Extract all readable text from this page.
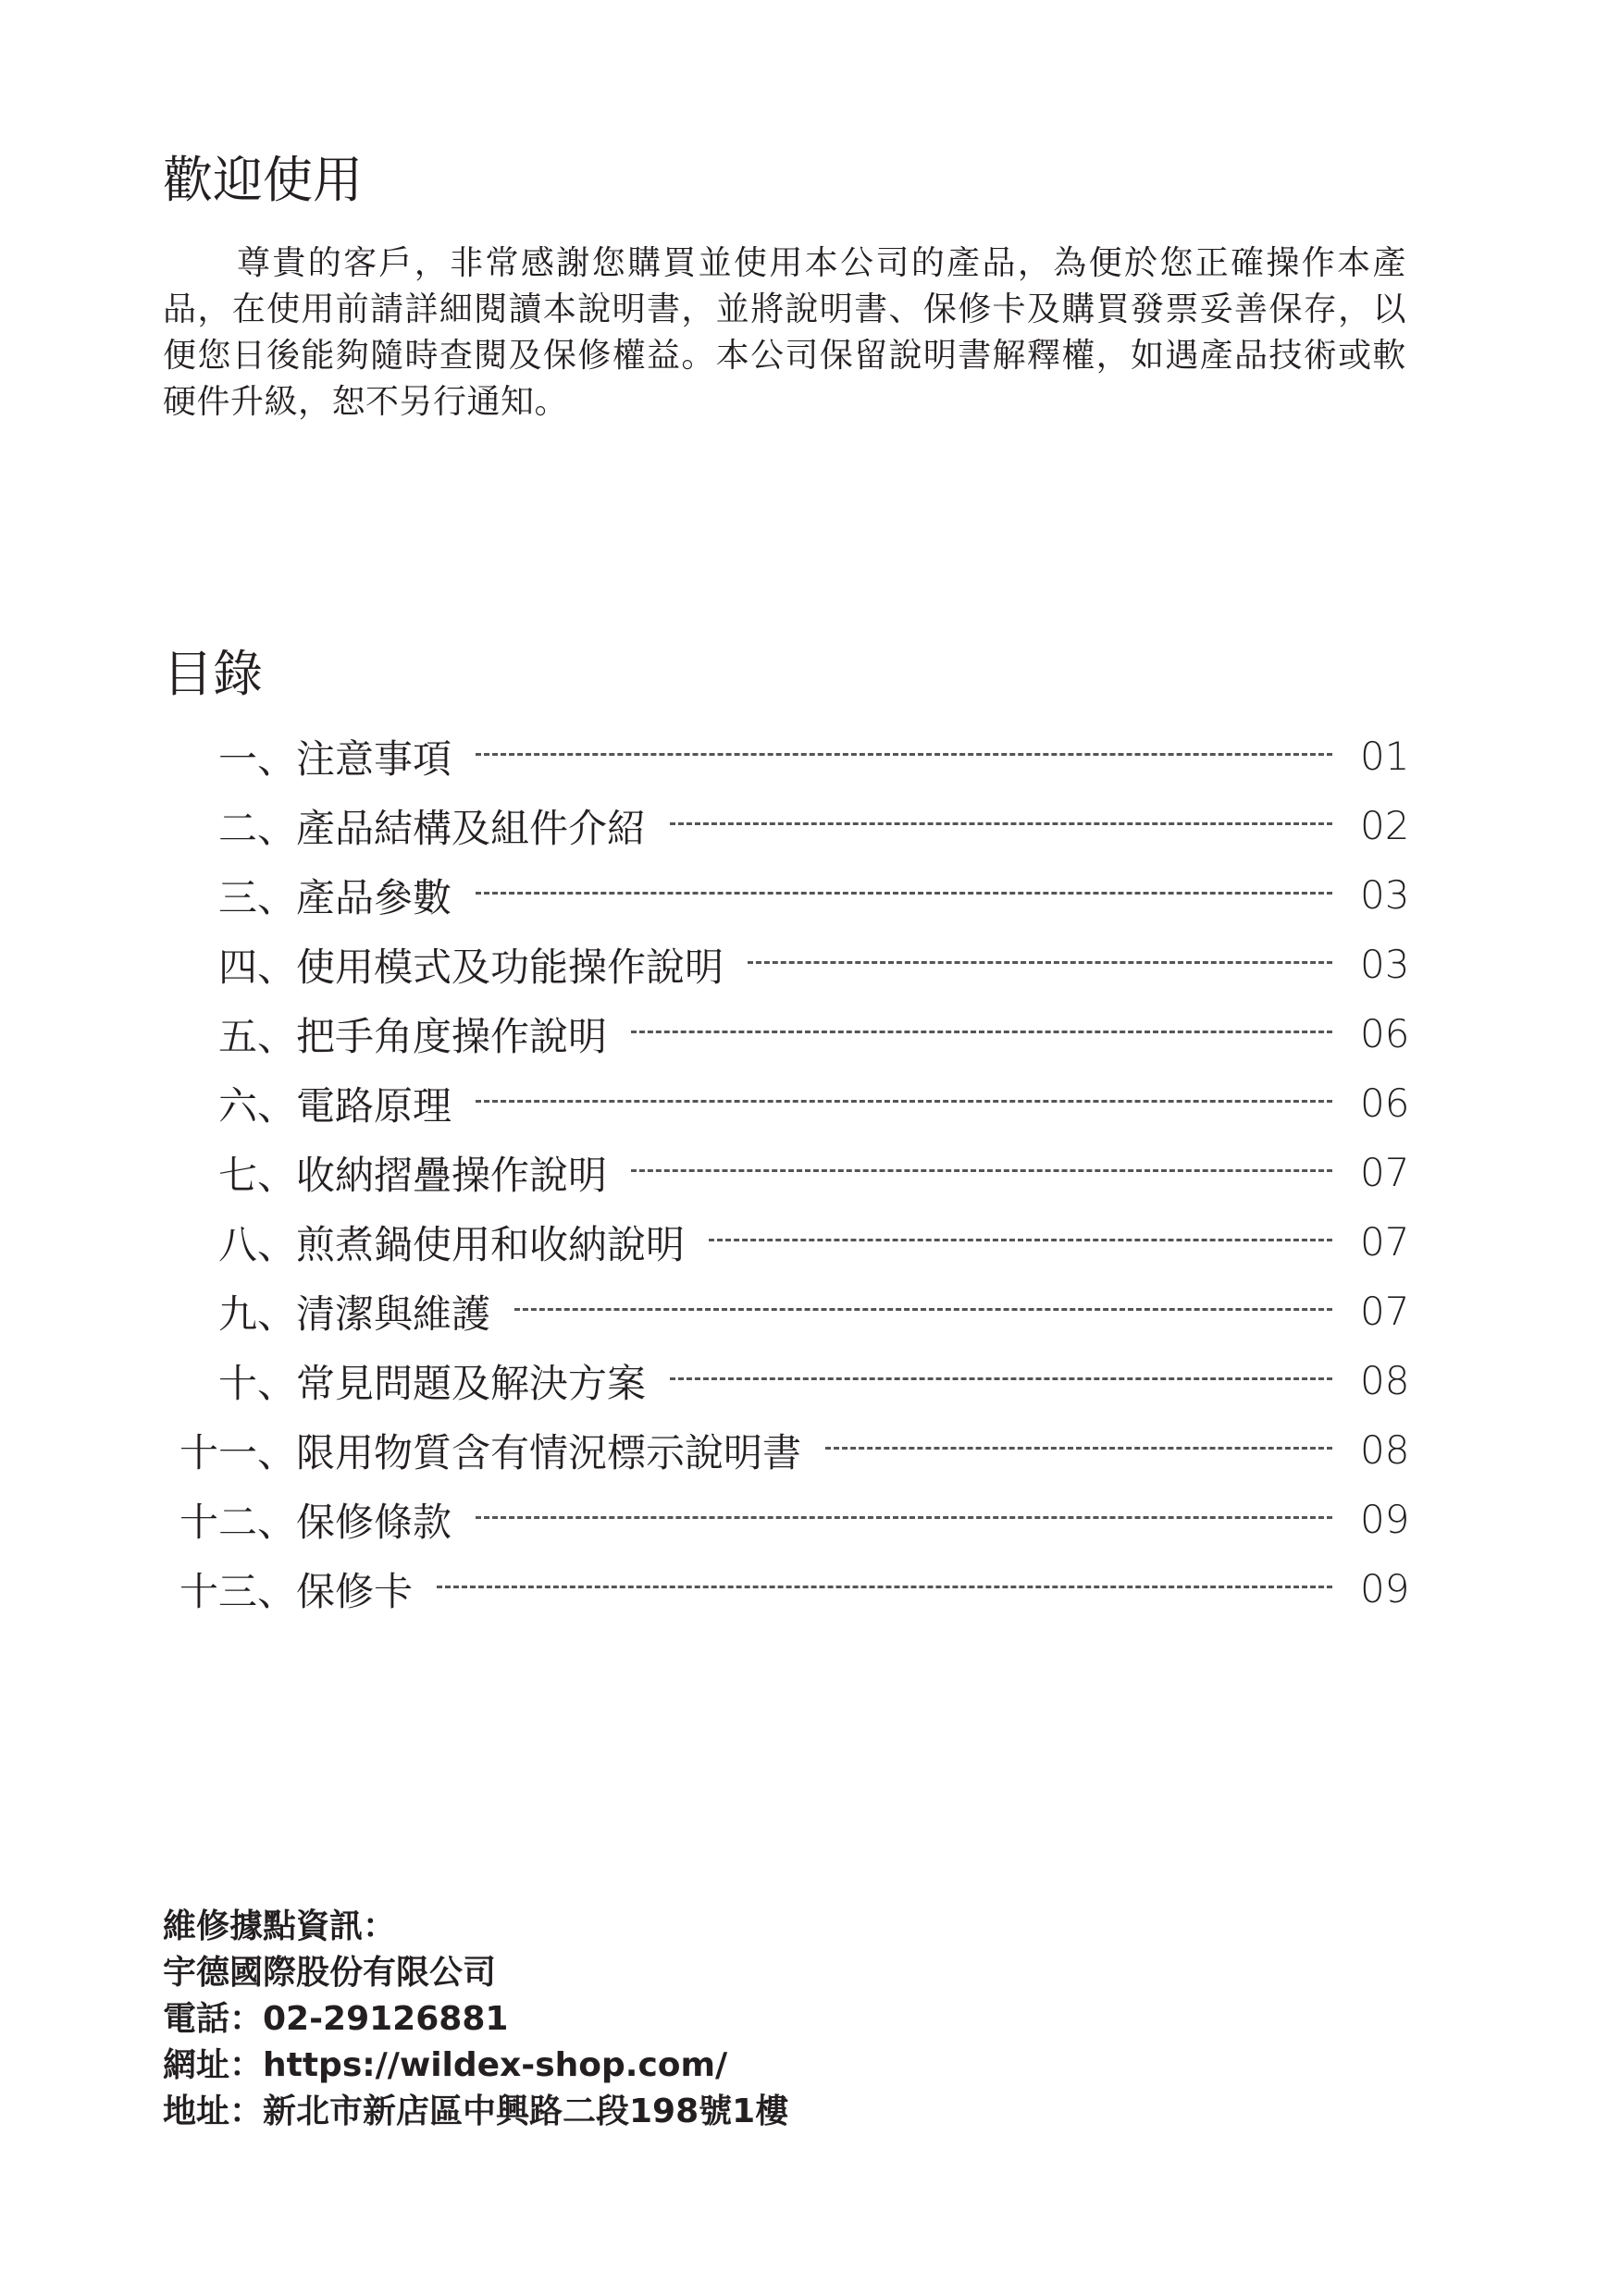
歡迎使用

尊貴的客戶，非常感謝您購買並使用本公司的產品，為便於您正確操作本產品，在使用前請詳細閱讀本說明書，並將說明書、保修卡及購買發票妥善保存，以便您日後能夠隨時查閱及保修權益。本公司保留說明書解釋權，如遇產品技術或軟硬件升級，恕不另行通知。

目錄
一、 注意事項	01
二、 產品結構及組件介紹	02
三、 產品參數	03
四、 使用模式及功能操作說明	03
五、 把手角度操作說明	06
六、 電路原理	06
七、 收納摺疊操作說明	07
八、 煎煮鍋使用和收納說明	07
九、 清潔與維護	07
十、 常見問題及解決方案	08
十一、 限用物質含有情況標示說明書	08
十二、 保修條款	09
十三、 保修卡	09
維修據點資訊：
宇德國際股份有限公司
電話：02-29126881
網址：https://wildex-shop.com/
地址：新北市新店區中興路二段198號1樓
